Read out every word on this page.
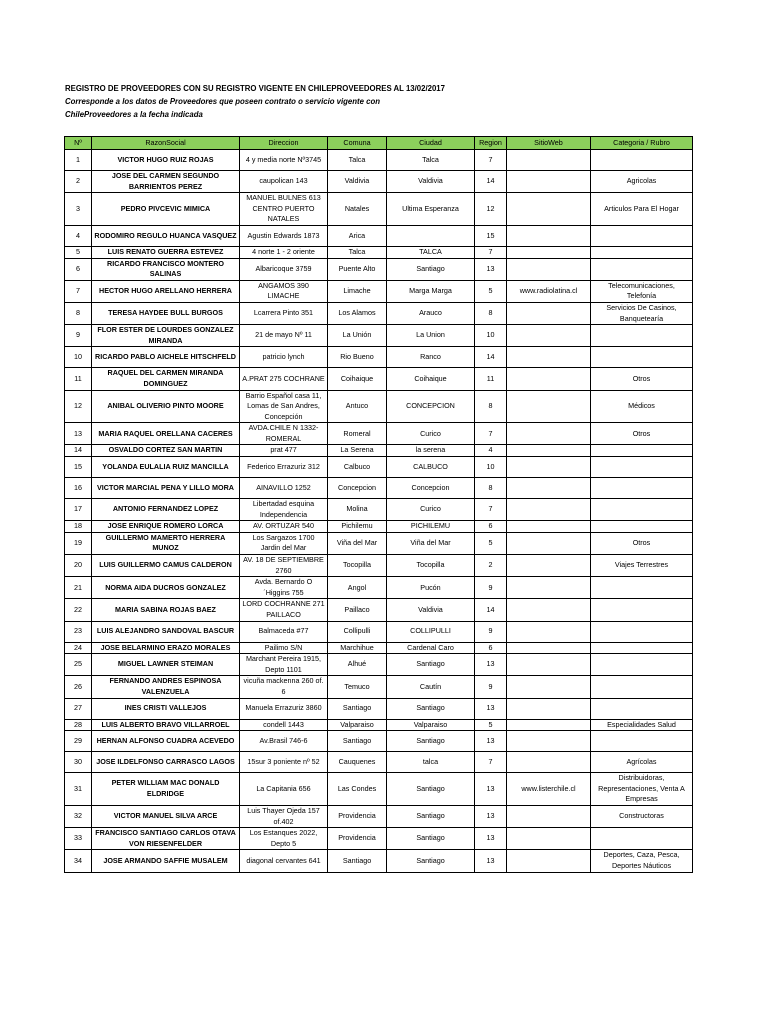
REGISTRO DE PROVEEDORES CON SU REGISTRO VIGENTE EN CHILEPROVEEDORES AL 13/02/2017
Corresponde a los datos de Proveedores que poseen contrato o servicio vigente con
ChileProveedores a la fecha indicada
Nº	RazonSocial	Direccion	Comuna	Ciudad	Region	SitioWeb	Categoria / Rubro
1	VICTOR HUGO RUIZ ROJAS	4 y media norte Nº3745	Talca	Talca	7		
2	JOSE DEL CARMEN SEGUNDO BARRIENTOS PEREZ	caupolican 143	Valdivia	Valdivia	14		Agricolas
3	PEDRO PIVCEVIC MIMICA	MANUEL BULNES 613 CENTRO PUERTO NATALES	Natales	Ultima Esperanza	12		Articulos Para El Hogar
4	RODOMIRO REGULO HUANCA VASQUEZ	Agustin Edwards 1873	Arica		15		
5	LUIS RENATO GUERRA ESTEVEZ	4 norte 1 - 2 oriente	Talca	TALCA	7		
6	RICARDO FRANCISCO MONTERO SALINAS	Albaricoque 3759	Puente Alto	Santiago	13		
7	HECTOR HUGO ARELLANO HERRERA	ANGAMOS 390 LIMACHE	Limache	Marga Marga	5	www.radiolatina.cl	Telecomunicaciones, Telefonía
8	TERESA HAYDEE BULL BURGOS	Lcarrera Pinto 351	Los Alamos	Arauco	8		Servicios De Casinos, Banquetearía
9	FLOR ESTER DE LOURDES GONZALEZ MIRANDA	21 de mayo Nº 11	La Unión	La Union	10		
10	RICARDO PABLO AICHELE HITSCHFELD	patricio lynch	Rio Bueno	Ranco	14		
11	RAQUEL DEL CARMEN MIRANDA DOMINGUEZ	A.PRAT 275 COCHRANE	Coihaique	Coihaique	11		Otros
12	ANIBAL OLIVERIO PINTO MOORE	Barrio Español casa 11, Lomas de San Andres, Concepción	Antuco	CONCEPCION	8		Médicos
13	MARIA RAQUEL ORELLANA CACERES	AVDA.CHILE N 1332-ROMERAL	Romeral	Curico	7		Otros
14	OSVALDO CORTEZ SAN MARTIN	prat 477	La Serena	la serena	4		
15	YOLANDA EULALIA RUIZ MANCILLA	Federico Errazuriz 312	Calbuco	CALBUCO	10		
16	VICTOR MARCIAL PENA Y LILLO MORA	AINAVILLO 1252	Concepcion	Concepcion	8		
17	ANTONIO FERNANDEZ LOPEZ	Libertadad esquina Independencia	Molina	Curico	7		
18	JOSE ENRIQUE ROMERO LORCA	AV. ORTUZAR 540	Pichilemu	PICHILEMU	6		
19	GUILLERMO MAMERTO HERRERA MUNOZ	Los Sargazos 1700 Jardin del Mar	Viña del Mar	Viña del Mar	5		Otros
20	LUIS GUILLERMO CAMUS CALDERON	AV. 18 DE SEPTIEMBRE 2760	Tocopilla	Tocopilla	2		Viajes Terrestres
21	NORMA AIDA DUCROS GONZALEZ	Avda. Bernardo O´Higgins 755	Angol	Pucón	9		
22	MARIA SABINA ROJAS BAEZ	LORD COCHRANNE 271 PAILLACO	Paillaco	Valdivia	14		
23	LUIS ALEJANDRO SANDOVAL BASCUR	Balmaceda #77	Collipulli	COLLIPULLI	9		
24	JOSE BELARMINO ERAZO MORALES	Pailimo S/N	Marchihue	Cardenal Caro	6		
25	MIGUEL LAWNER STEIMAN	Marchant Pereira 1915, Depto 1101	Alhué	Santiago	13		
26	FERNANDO ANDRES ESPINOSA VALENZUELA	vicuña mackenna 260 of. 6	Temuco	Cautín	9		
27	INES CRISTI VALLEJOS	Manuela Errazuriz 3860	Santiago	Santiago	13		
28	LUIS ALBERTO BRAVO VILLARROEL	condell 1443	Valparaiso	Valparaiso	5		Especialidades Salud
29	HERNAN ALFONSO CUADRA ACEVEDO	Av.Brasil 746-6	Santiago	Santiago	13		
30	JOSE ILDELFONSO CARRASCO LAGOS	15sur 3 poniente nº 52	Cauquenes	talca	7		Agrícolas
31	PETER WILLIAM MAC DONALD ELDRIDGE	La Capitania 656	Las Condes	Santiago	13	www.listerchile.cl	Distribuidoras, Representaciones, Venta A Empresas
32	VICTOR MANUEL SILVA ARCE	Luis Thayer Ojeda 157 of.402	Providencia	Santiago	13		Constructoras
33	FRANCISCO SANTIAGO CARLOS OTAVA VON RIESENFELDER	Los Estanques 2022, Depto 5	Providencia	Santiago	13		
34	JOSE ARMANDO SAFFIE MUSALEM	diagonal cervantes 641	Santiago	Santiago	13		Deportes, Caza, Pesca, Deportes Náuticos
